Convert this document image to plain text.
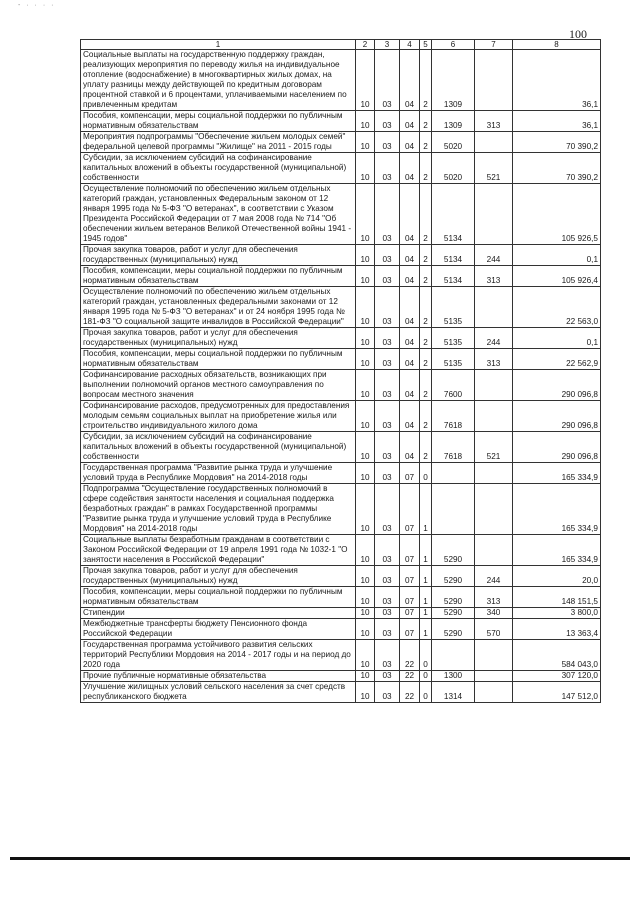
- · · · ·
100
1	2	3	4	5	6	7	8
Социальные выплаты на государственную поддержку граждан, реализующих мероприятия по переводу жилья на индивидуальное отопление (водоснабжение) в многоквартирных жилых домах, на уплату разницы между действующей по кредитным договорам процентной ставкой и 6 процентами, уплачиваемыми населением по привлеченным кредитам	10	03	04	2	1309		36,1
Пособия, компенсации, меры социальной поддержки по публичным нормативным обязательствам	10	03	04	2	1309	313	36,1
Мероприятия подпрограммы "Обеспечение жильем молодых семей" федеральной целевой программы "Жилище" на 2011 - 2015 годы	10	03	04	2	5020		70 390,2
Субсидии, за исключением субсидий на софинансирование капитальных вложений в объекты государственной (муниципальной) собственности	10	03	04	2	5020	521	70 390,2
Осуществление полномочий по обеспечению жильем отдельных категорий граждан, установленных Федеральным законом от 12 января 1995 года № 5-ФЗ "О ветеранах", в соответствии с Указом Президента Российской Федерации от 7 мая 2008 года № 714 "Об обеспечении жильем ветеранов Великой Отечественной войны 1941 - 1945 годов"	10	03	04	2	5134		105 926,5
Прочая закупка товаров, работ и услуг для обеспечения государственных (муниципальных) нужд	10	03	04	2	5134	244	0,1
Пособия, компенсации, меры социальной поддержки по публичным нормативным обязательствам	10	03	04	2	5134	313	105 926,4
Осуществление полномочий по обеспечению жильем отдельных категорий граждан, установленных федеральными законами от 12 января 1995 года № 5-ФЗ "О ветеранах" и от 24 ноября 1995 года № 181-ФЗ "О социальной защите инвалидов в Российской Федерации"	10	03	04	2	5135		22 563,0
Прочая закупка товаров, работ и услуг для обеспечения государственных (муниципальных) нужд	10	03	04	2	5135	244	0,1
Пособия, компенсации, меры социальной поддержки по публичным нормативным обязательствам	10	03	04	2	5135	313	22 562,9
Софинансирование расходных обязательств, возникающих при выполнении полномочий органов местного самоуправления по вопросам местного значения	10	03	04	2	7600		290 096,8
Софинансирование расходов, предусмотренных для предоставления молодым семьям социальных выплат на приобретение жилья или строительство индивидуального жилого дома	10	03	04	2	7618		290 096,8
Субсидии, за исключением субсидий на софинансирование капитальных вложений в объекты государственной (муниципальной) собственности	10	03	04	2	7618	521	290 096,8
Государственная программа "Развитие рынка труда и улучшение условий труда в Республике Мордовия" на 2014-2018 годы	10	03	07	0			165 334,9
Подпрограмма "Осуществление государственных полномочий в сфере содействия занятости населения и социальная поддержка безработных граждан" в рамках Государственной программы "Развитие рынка труда и улучшение условий труда в Республике Мордовия" на 2014-2018 годы	10	03	07	1			165 334,9
Социальные выплаты безработным гражданам в соответствии с Законом Российской Федерации от 19 апреля 1991 года № 1032-1 "О занятости населения в Российской Федерации"	10	03	07	1	5290		165 334,9
Прочая закупка товаров, работ и услуг для обеспечения государственных (муниципальных) нужд	10	03	07	1	5290	244	20,0
Пособия, компенсации, меры социальной поддержки по публичным нормативным обязательствам	10	03	07	1	5290	313	148 151,5
Стипендии	10	03	07	1	5290	340	3 800,0
Межбюджетные трансферты бюджету Пенсионного фонда Российской Федерации	10	03	07	1	5290	570	13 363,4
Государственная программа устойчивого развития сельских территорий Республики Мордовия на 2014 - 2017 годы и на период до 2020 года	10	03	22	0			584 043,0
Прочие публичные нормативные обязательства	10	03	22	0	1300		307 120,0
Улучшение жилищных условий сельского населения за счет средств республиканского бюджета	10	03	22	0	1314		147 512,0
